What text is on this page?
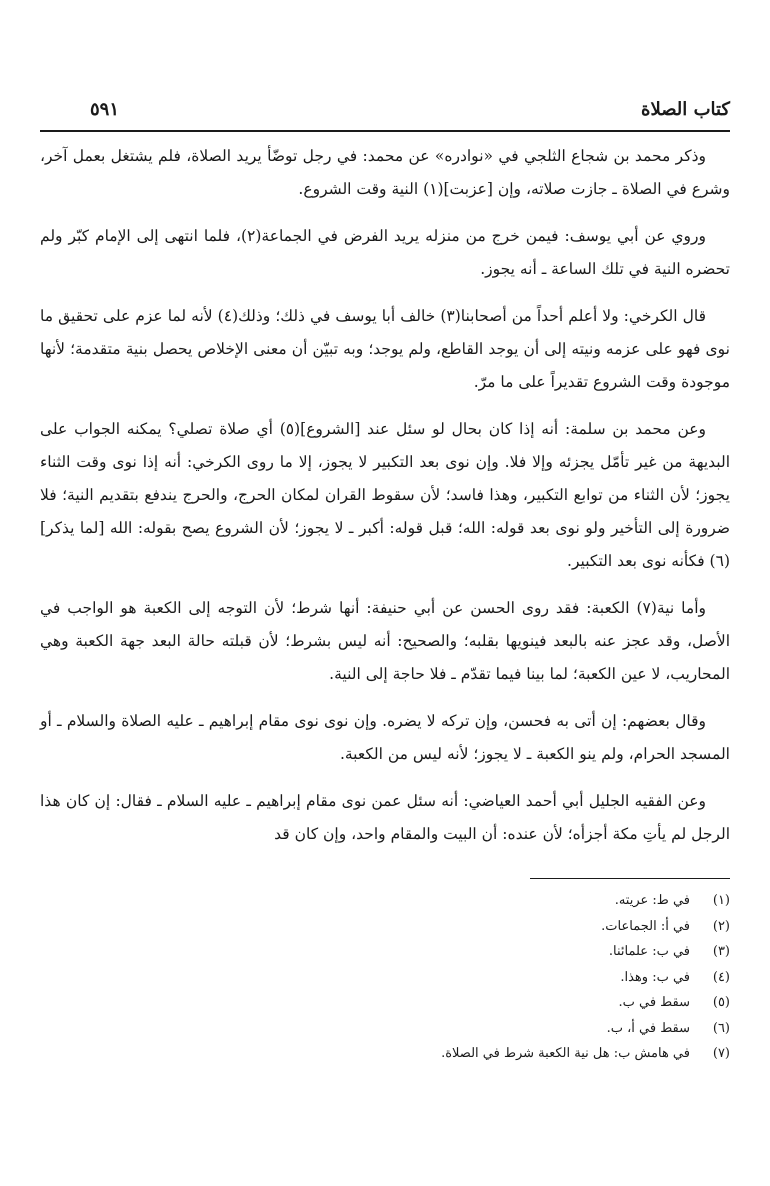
كتاب الصلاة
٥٩١

وذكر محمد بن شجاع الثلجي في «نوادره» عن محمد: في رجل توضّأ يريد الصلاة، فلم يشتغل بعمل آخر، وشرع في الصلاة ـ جازت صلاته، وإن [عزبت](١) النية وقت الشروع.

وروي عن أبي يوسف: فيمن خرج من منزله يريد الفرض في الجماعة(٢)، فلما انتهى إلى الإمام كبّر ولم تحضره النية في تلك الساعة ـ أنه يجوز.

قال الكرخي: ولا أعلم أحداً من أصحابنا(٣) خالف أبا يوسف في ذلك؛ وذلك(٤) لأنه لما عزم على تحقيق ما نوى فهو على عزمه ونيته إلى أن يوجد القاطع، ولم يوجد؛ وبه تبيّن أن معنى الإخلاص يحصل بنية متقدمة؛ لأنها موجودة وقت الشروع تقديراً على ما مرّ.

وعن محمد بن سلمة: أنه إذا كان بحال لو سئل عند [الشروع](٥) أي صلاة تصلي؟ يمكنه الجواب على البديهة من غير تأمّل يجزئه وإلا فلا. وإن نوى بعد التكبير لا يجوز، إلا ما روى الكرخي: أنه إذا نوى وقت الثناء يجوز؛ لأن الثناء من توابع التكبير، وهذا فاسد؛ لأن سقوط القران لمكان الحرج، والحرج يندفع بتقديم النية؛ فلا ضرورة إلى التأخير ولو نوى بعد قوله: الله؛ قبل قوله: أكبر ـ لا يجوز؛ لأن الشروع يصح بقوله: الله [لما يذكر](٦) فكأنه نوى بعد التكبير.

وأما نية(٧) الكعبة: فقد روى الحسن عن أبي حنيفة: أنها شرط؛ لأن التوجه إلى الكعبة هو الواجب في الأصل، وقد عجز عنه بالبعد فينويها بقلبه؛ والصحيح: أنه ليس بشرط؛ لأن قبلته حالة البعد جهة الكعبة وهي المحاريب، لا عين الكعبة؛ لما بينا فيما تقدّم ـ فلا حاجة إلى النية.

وقال بعضهم: إن أتى به فحسن، وإن تركه لا يضره. وإن نوى نوى مقام إبراهيم ـ عليه الصلاة والسلام ـ أو المسجد الحرام، ولم ينو الكعبة ـ لا يجوز؛ لأنه ليس من الكعبة.

وعن الفقيه الجليل أبي أحمد العياضي: أنه سئل عمن نوى مقام إبراهيم ـ عليه السلام ـ فقال: إن كان هذا الرجل لم يأتِ مكة أجزأه؛ لأن عنده: أن البيت والمقام واحد، وإن كان قد

(١)
في ط: عريته.
(٢)
في أ: الجماعات.
(٣)
في ب: علمائنا.
(٤)
في ب: وهذا.
(٥)
سقط في ب.
(٦)
سقط في أ، ب.
(٧)
في هامش ب: هل نية الكعبة شرط في الصلاة.
